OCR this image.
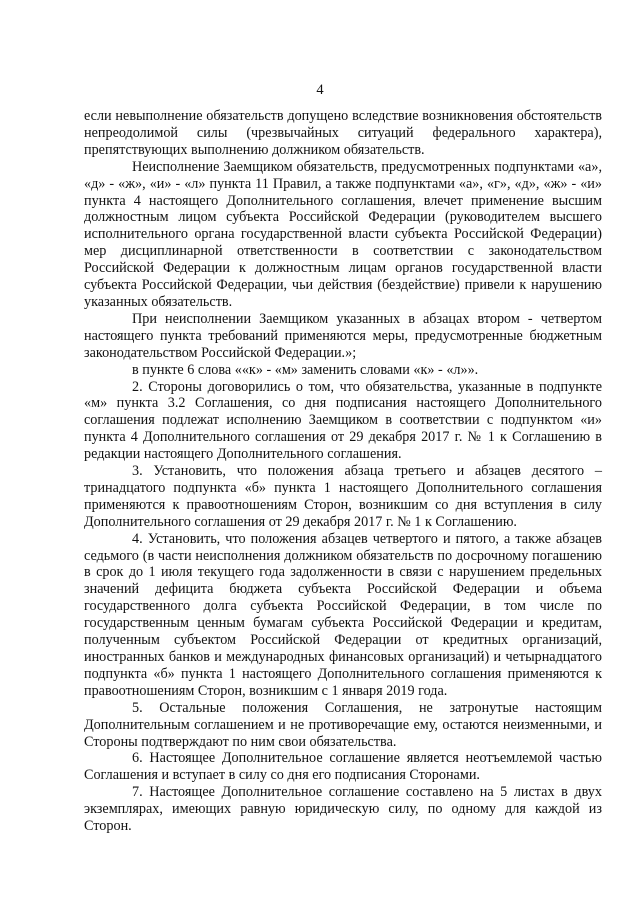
4

если невыполнение обязательств допущено вследствие возникновения обстоятельств непреодолимой силы (чрезвычайных ситуаций федерального характера), препятствующих выполнению должником обязательств.

Неисполнение Заемщиком обязательств, предусмотренных подпунктами «а», «д» - «ж», «и» - «л» пункта 11 Правил, а также подпунктами «а», «г», «д», «ж» - «и» пункта 4 настоящего Дополнительного соглашения, влечет применение высшим должностным лицом субъекта Российской Федерации (руководителем высшего исполнительного органа государственной власти субъекта Российской Федерации) мер дисциплинарной ответственности в соответствии с законодательством Российской Федерации к должностным лицам органов государственной власти субъекта Российской Федерации, чьи действия (бездействие) привели к нарушению указанных обязательств.

При неисполнении Заемщиком указанных в абзацах втором - четвертом настоящего пункта требований применяются меры, предусмотренные бюджетным законодательством Российской Федерации.»;

в пункте 6 слова ««к» - «м» заменить словами «к» - «л»».

2. Стороны договорились о том, что обязательства, указанные в подпункте «м» пункта 3.2 Соглашения, со дня подписания настоящего Дополнительного соглашения подлежат исполнению Заемщиком в соответствии с подпунктом «и» пункта 4 Дополнительного соглашения от 29 декабря 2017 г. № 1 к Соглашению в редакции настоящего Дополнительного соглашения.

3. Установить, что положения абзаца третьего и абзацев десятого – тринадцатого подпункта «б» пункта 1 настоящего Дополнительного соглашения применяются к правоотношениям Сторон, возникшим со дня вступления в силу Дополнительного соглашения от 29 декабря 2017 г. № 1 к Соглашению.

4. Установить, что положения абзацев четвертого и пятого, а также абзацев седьмого (в части неисполнения должником обязательств по досрочному погашению в срок до 1 июля текущего года задолженности в связи с нарушением предельных значений дефицита бюджета субъекта Российской Федерации и объема государственного долга субъекта Российской Федерации, в том числе по государственным ценным бумагам субъекта Российской Федерации и кредитам, полученным субъектом Российской Федерации от кредитных организаций, иностранных банков и международных финансовых организаций) и четырнадцатого подпункта «б» пункта 1 настоящего Дополнительного соглашения применяются к правоотношениям Сторон, возникшим с 1 января 2019 года.

5. Остальные положения Соглашения, не затронутые настоящим Дополнительным соглашением и не противоречащие ему, остаются неизменными, и Стороны подтверждают по ним свои обязательства.

6. Настоящее Дополнительное соглашение является неотъемлемой частью Соглашения и вступает в силу со дня его подписания Сторонами.

7. Настоящее Дополнительное соглашение составлено на 5 листах в двух экземплярах, имеющих равную юридическую силу, по одному для каждой из Сторон.
